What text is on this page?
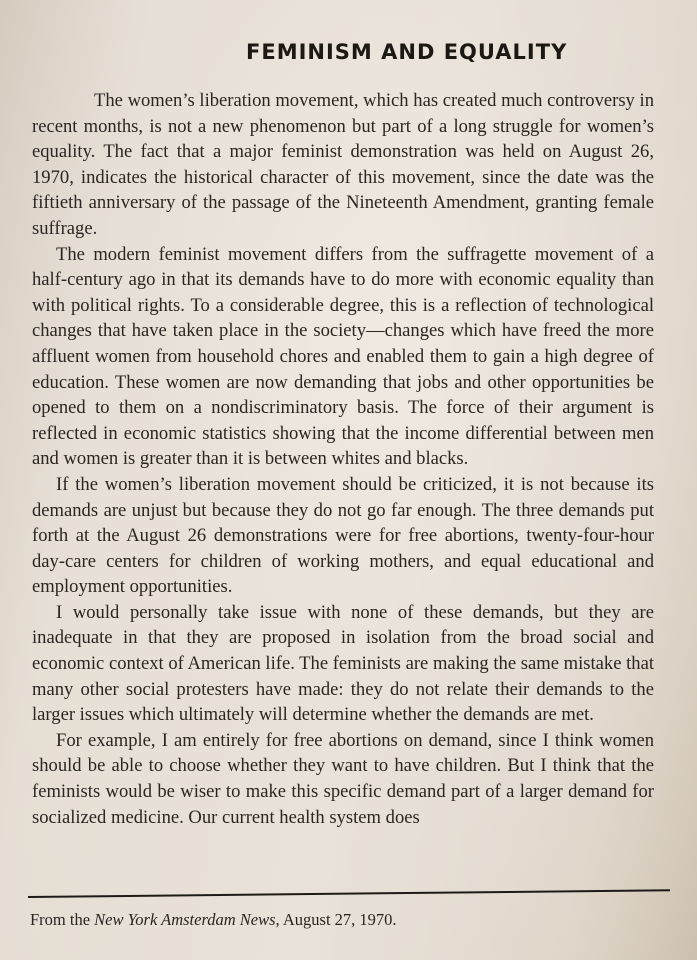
FEMINISM AND EQUALITY

The women’s liberation movement, which has created much controversy in recent months, is not a new phenomenon but part of a long struggle for women’s equality. The fact that a major feminist demonstration was held on August 26, 1970, indicates the historical character of this movement, since the date was the fiftieth anniversary of the passage of the Nineteenth Amendment, granting female suffrage.

The modern feminist movement differs from the suffragette movement of a half-century ago in that its demands have to do more with economic equality than with political rights. To a considerable degree, this is a reflection of technological changes that have taken place in the society—changes which have freed the more affluent women from household chores and enabled them to gain a high degree of education. These women are now demanding that jobs and other opportunities be opened to them on a nondiscriminatory basis. The force of their argument is reflected in economic statistics showing that the income differential between men and women is greater than it is between whites and blacks.

If the women’s liberation movement should be criticized, it is not because its demands are unjust but because they do not go far enough. The three demands put forth at the August 26 demonstrations were for free abortions, twenty-four-hour day-care centers for children of working mothers, and equal educational and employment opportunities.

I would personally take issue with none of these demands, but they are inadequate in that they are proposed in isolation from the broad social and economic context of American life. The feminists are making the same mistake that many other social protesters have made: they do not relate their demands to the larger issues which ultimately will determine whether the demands are met.

For example, I am entirely for free abortions on demand, since I think women should be able to choose whether they want to have children. But I think that the feminists would be wiser to make this specific demand part of a larger demand for socialized medicine. Our current health system does

From the New York Amsterdam News, August 27, 1970.
